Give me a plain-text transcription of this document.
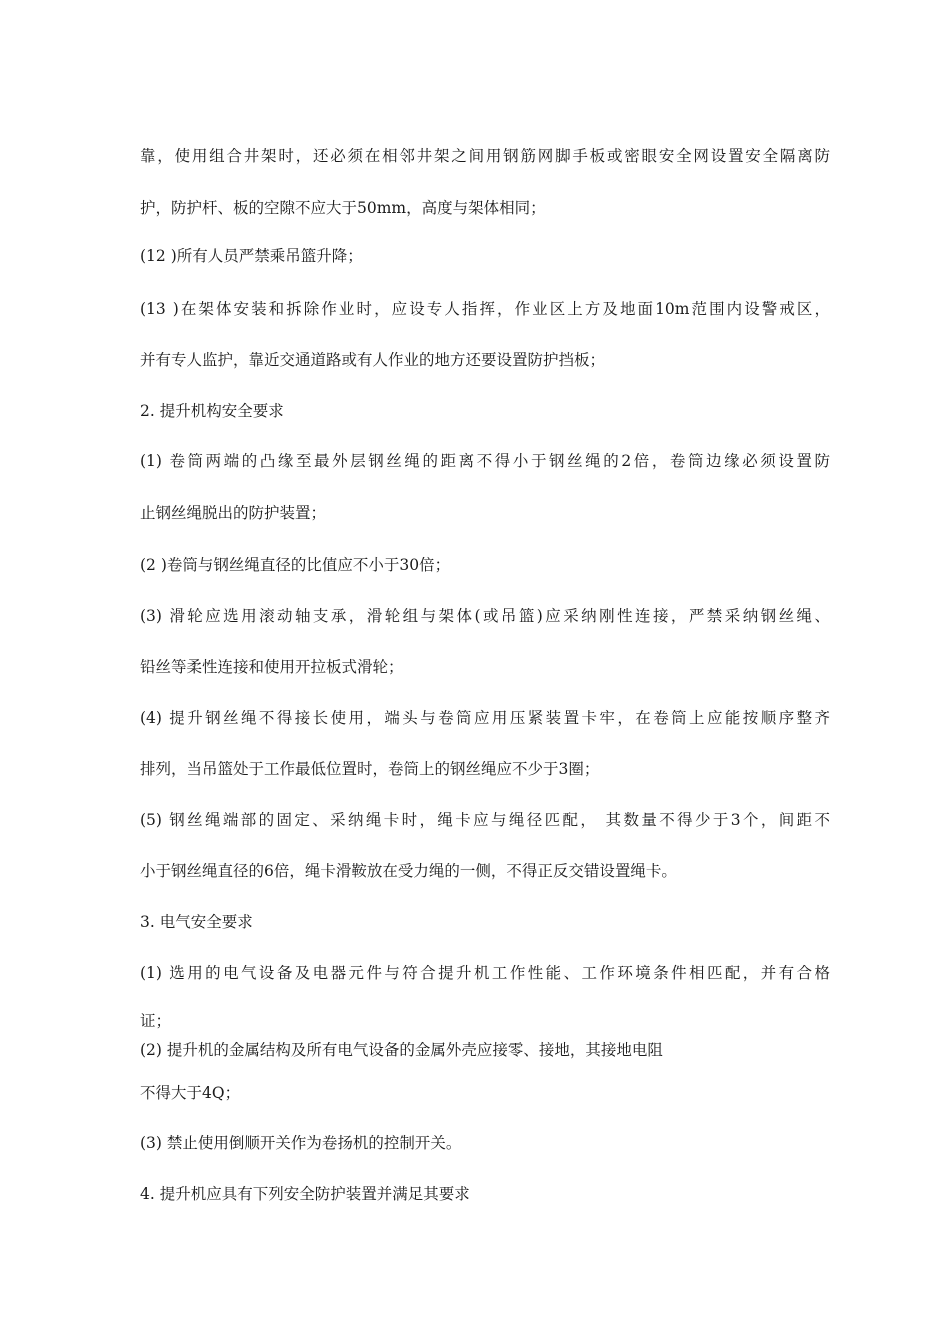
靠，使用组合井架时，还必须在相邻井架之间用钢筋网脚手板或密眼安全网设置安全隔离防

护，防护杆、板的空隙不应大于50mm，高度与架体相同；

(12 )所有人员严禁乘吊篮升降；

(13 )在架体安装和拆除作业时，应设专人指挥，作业区上方及地面10m范围内设警戒区，

并有专人监护，靠近交通道路或有人作业的地方还要设置防护挡板；

2. 提升机构安全要求

(1) 卷筒两端的凸缘至最外层钢丝绳的距离不得小于钢丝绳的2倍，卷筒边缘必须设置防

止钢丝绳脱出的防护装置；

(2 )卷筒与钢丝绳直径的比值应不小于30倍；

(3) 滑轮应选用滚动轴支承，滑轮组与架体(或吊篮)应采纳刚性连接，严禁采纳钢丝绳、

铅丝等柔性连接和使用开拉板式滑轮；

(4) 提升钢丝绳不得接长使用，端头与卷筒应用压紧装置卡牢，在卷筒上应能按顺序整齐

排列，当吊篮处于工作最低位置时，卷筒上的钢丝绳应不少于3圈；

(5) 钢丝绳端部的固定、采纳绳卡时，绳卡应与绳径匹配， 其数量不得少于3个，间距不

小于钢丝绳直径的6倍，绳卡滑鞍放在受力绳的一侧，不得正反交错设置绳卡。

3. 电气安全要求

(1) 选用的电气设备及电器元件与符合提升机工作性能、工作环境条件相匹配，并有合格

证；

(2) 提升机的金属结构及所有电气设备的金属外壳应接零、接地，其接地电阻

不得大于4Q；

(3) 禁止使用倒顺开关作为卷扬机的控制开关。

4. 提升机应具有下列安全防护装置并满足其要求
